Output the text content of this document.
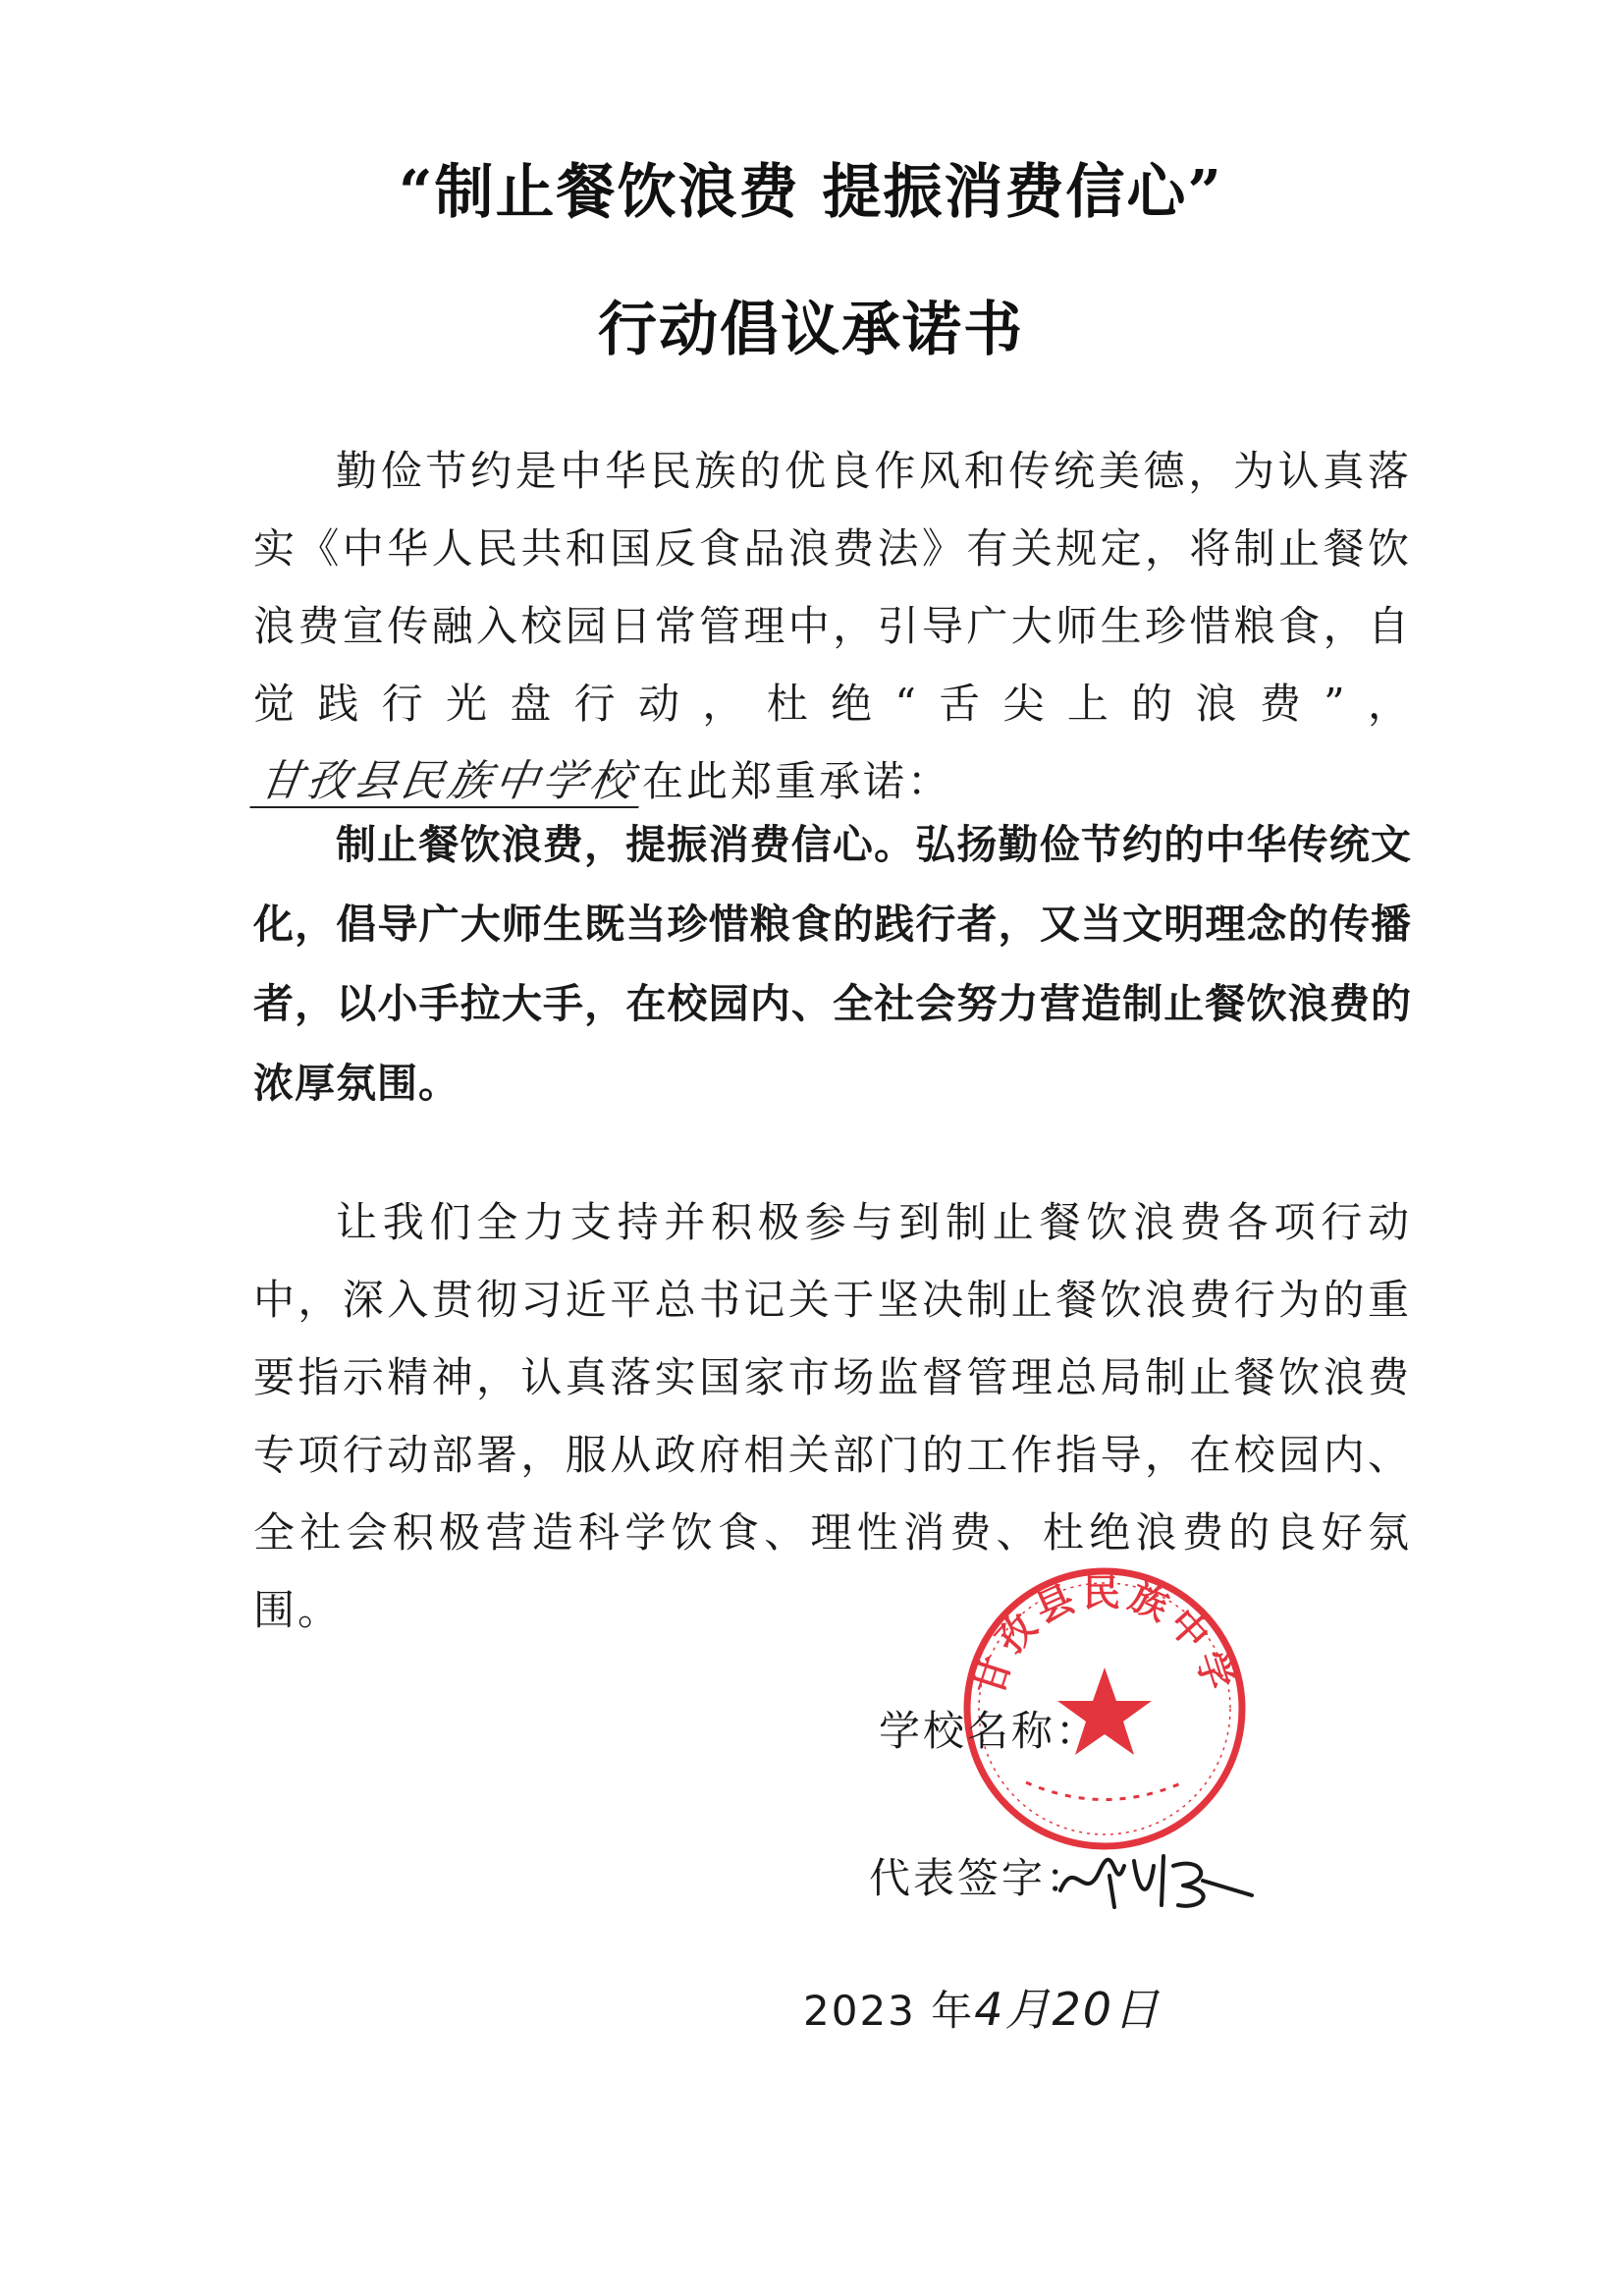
“制止餐饮浪费 提振消费信心”
行动倡议承诺书

勤俭节约是中华民族的优良作风和传统美德，为认真落实《中华人民共和国反食品浪费法》有关规定，将制止餐饮浪费宣传融入校园日常管理中，引导广大师生珍惜粮食，自觉践行光盘行动，杜绝“舌尖上的浪费”，甘孜县民族中学校在此郑重承诺：

制止餐饮浪费，提振消费信心。弘扬勤俭节约的中华传统文化，倡导广大师生既当珍惜粮食的践行者，又当文明理念的传播者，以小手拉大手，在校园内、全社会努力营造制止餐饮浪费的浓厚氛围。

让我们全力支持并积极参与到制止餐饮浪费各项行动中，深入贯彻习近平总书记关于坚决制止餐饮浪费行为的重要指示精神，认真落实国家市场监督管理总局制止餐饮浪费专项行动部署，服从政府相关部门的工作指导，在校园内、全社会积极营造科学饮食、理性消费、杜绝浪费的良好氛围。

甘孜县民族中学
学校名称：
代表签字：
2023 年4月20日
